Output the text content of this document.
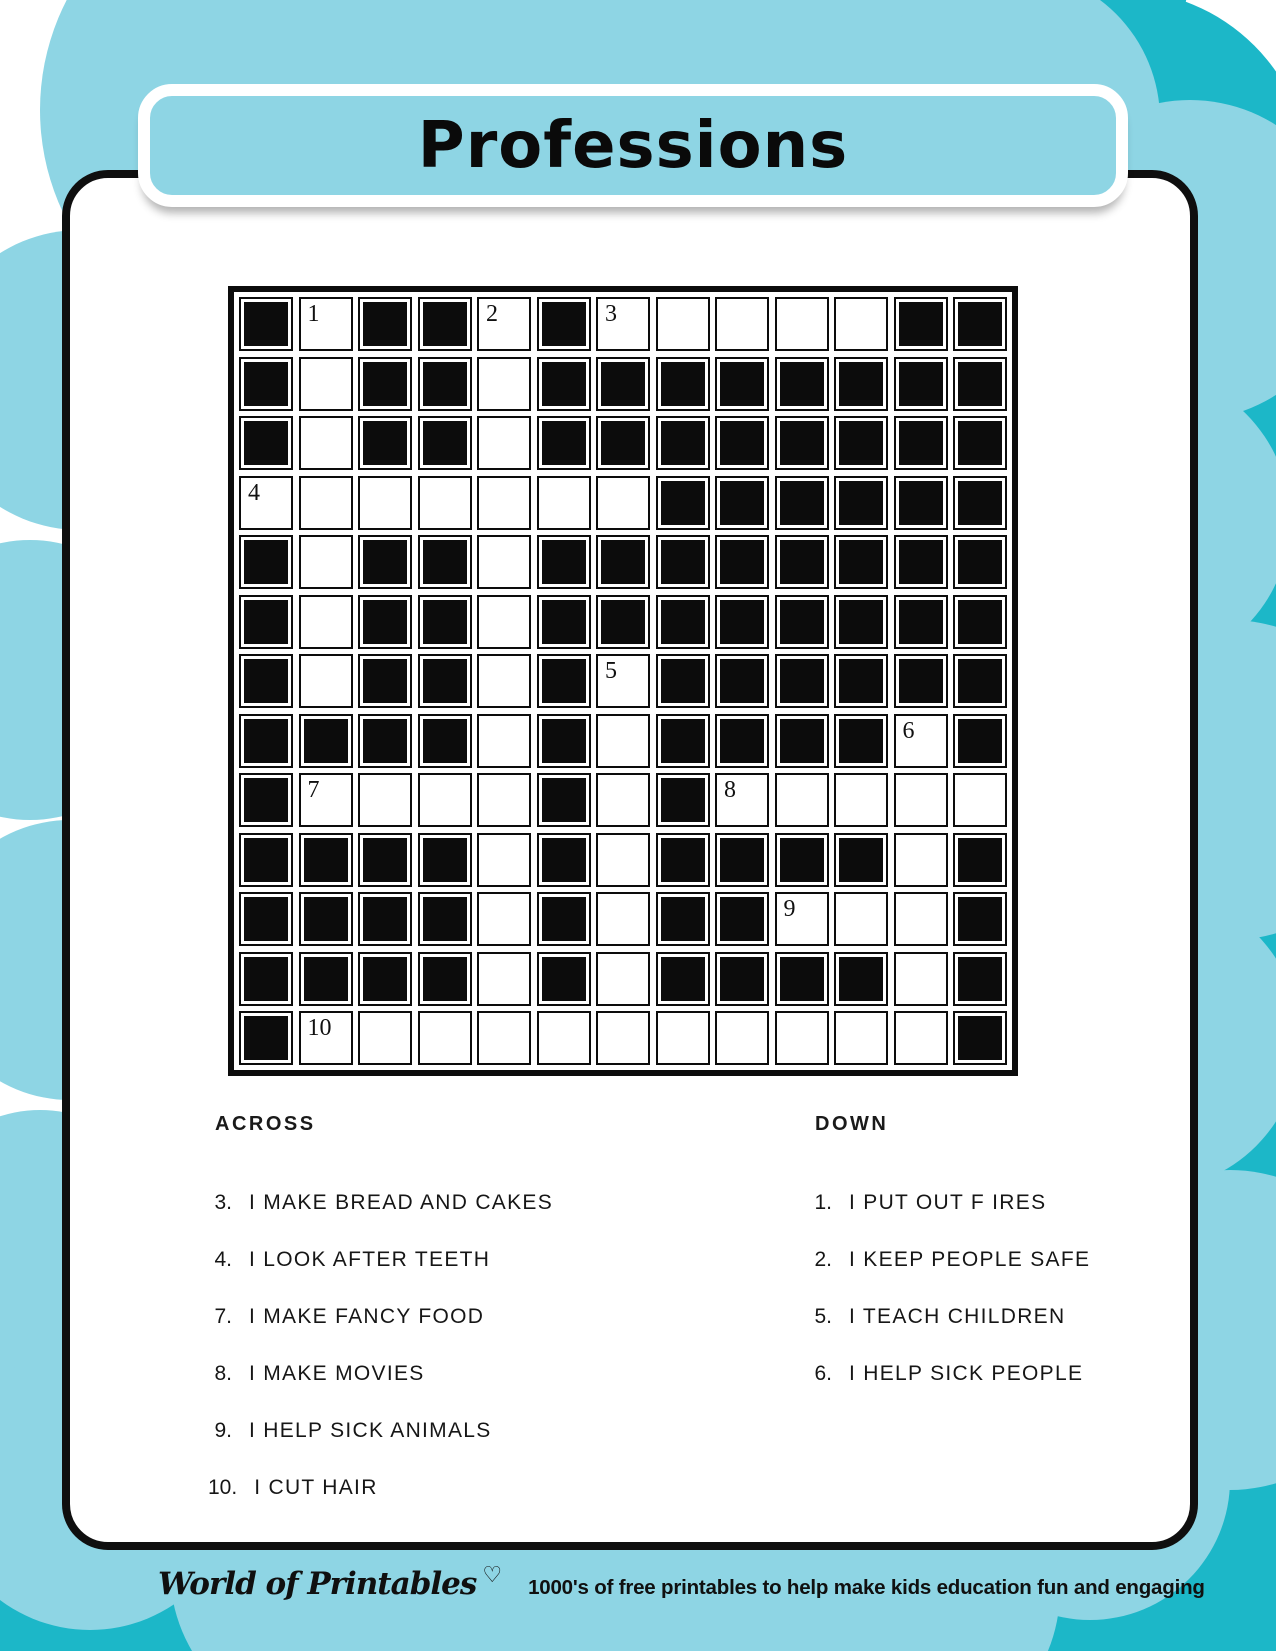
Professions
1	2	3
4
5
6
7	8
9
10
ACROSS
3. I MAKE BREAD AND CAKES
4. I LOOK AFTER TEETH
7. I MAKE FANCY FOOD
8. I MAKE MOVIES
9. I HELP SICK ANIMALS
10. I CUT HAIR
DOWN
1. I PUT OUT F IRES
2. I KEEP PEOPLE SAFE
5. I TEACH CHILDREN
6. I HELP SICK PEOPLE
World of Printables ♡
1000's of free printables to help make kids education fun and engaging
